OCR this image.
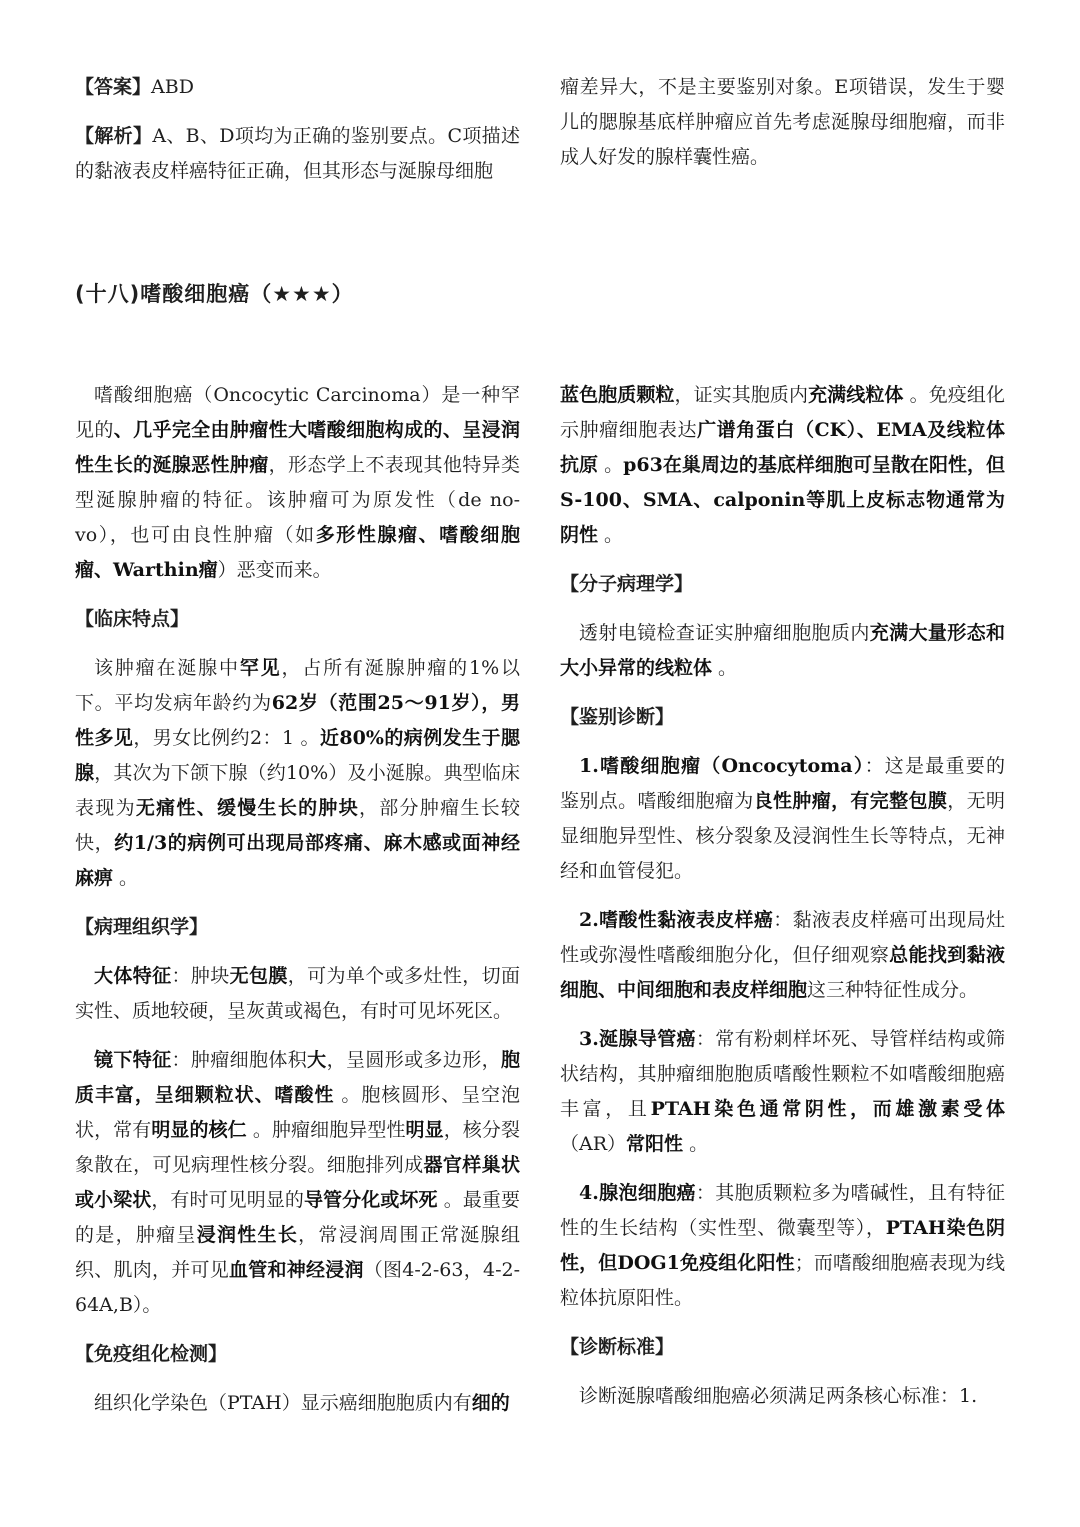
【答案】ABD

【解析】A、B、D项均为正确的鉴别要点。C项描述的黏液表皮样癌特征正确，但其形态与涎腺母细胞

瘤差异大，不是主要鉴别对象。E项错误，发生于婴儿的腮腺基底样肿瘤应首先考虑涎腺母细胞瘤，而非成人好发的腺样囊性癌。

(十八)嗜酸细胞癌（★★★）

嗜酸细胞癌（Oncocytic Carcinoma）是一种罕见的、几乎完全由肿瘤性大嗜酸细胞构成的、呈浸润性生长的涎腺恶性肿瘤，形态学上不表现其他特异类型涎腺肿瘤的特征。该肿瘤可为原发性（de no-vo），也可由良性肿瘤（如多形性腺瘤、嗜酸细胞瘤、Warthin瘤）恶变而来。

【临床特点】

该肿瘤在涎腺中罕见，占所有涎腺肿瘤的1%以下。平均发病年龄约为62岁（范围25～91岁），男性多见，男女比例约2：1 。近80%的病例发生于腮腺，其次为下颌下腺（约10%）及小涎腺。典型临床表现为无痛性、缓慢生长的肿块，部分肿瘤生长较快，约1/3的病例可出现局部疼痛、麻木感或面神经麻痹 。

【病理组织学】

大体特征：肿块无包膜，可为单个或多灶性，切面实性、质地较硬，呈灰黄或褐色，有时可见坏死区。

镜下特征：肿瘤细胞体积大，呈圆形或多边形，胞质丰富，呈细颗粒状、嗜酸性 。胞核圆形、呈空泡状，常有明显的核仁 。肿瘤细胞异型性明显，核分裂象散在，可见病理性核分裂。细胞排列成器官样巢状或小梁状，有时可见明显的导管分化或坏死 。最重要的是，肿瘤呈浸润性生长，常浸润周围正常涎腺组织、肌肉，并可见血管和神经浸润（图4-2-63，4-2-64A,B）。

【免疫组化检测】

组织化学染色（PTAH）显示癌细胞胞质内有细的

蓝色胞质颗粒，证实其胞质内充满线粒体 。免疫组化示肿瘤细胞表达广谱角蛋白（CK）、EMA及线粒体抗原 。p63在巢周边的基底样细胞可呈散在阳性，但S-100、SMA、calponin等肌上皮标志物通常为阴性 。

【分子病理学】

透射电镜检查证实肿瘤细胞胞质内充满大量形态和大小异常的线粒体 。

【鉴别诊断】

1.嗜酸细胞瘤（Oncocytoma）：这是最重要的鉴别点。嗜酸细胞瘤为良性肿瘤，有完整包膜，无明显细胞异型性、核分裂象及浸润性生长等特点，无神经和血管侵犯。

2.嗜酸性黏液表皮样癌：黏液表皮样癌可出现局灶性或弥漫性嗜酸细胞分化，但仔细观察总能找到黏液细胞、中间细胞和表皮样细胞这三种特征性成分。

3.涎腺导管癌：常有粉刺样坏死、导管样结构或筛状结构，其肿瘤细胞胞质嗜酸性颗粒不如嗜酸细胞癌丰富，且PTAH染色通常阴性，而雄激素受体（AR）常阳性 。

4.腺泡细胞癌：其胞质颗粒多为嗜碱性，且有特征性的生长结构（实性型、微囊型等），PTAH染色阴性，但DOG1免疫组化阳性；而嗜酸细胞癌表现为线粒体抗原阳性。

【诊断标准】

诊断涎腺嗜酸细胞癌必须满足两条核心标准：1.
